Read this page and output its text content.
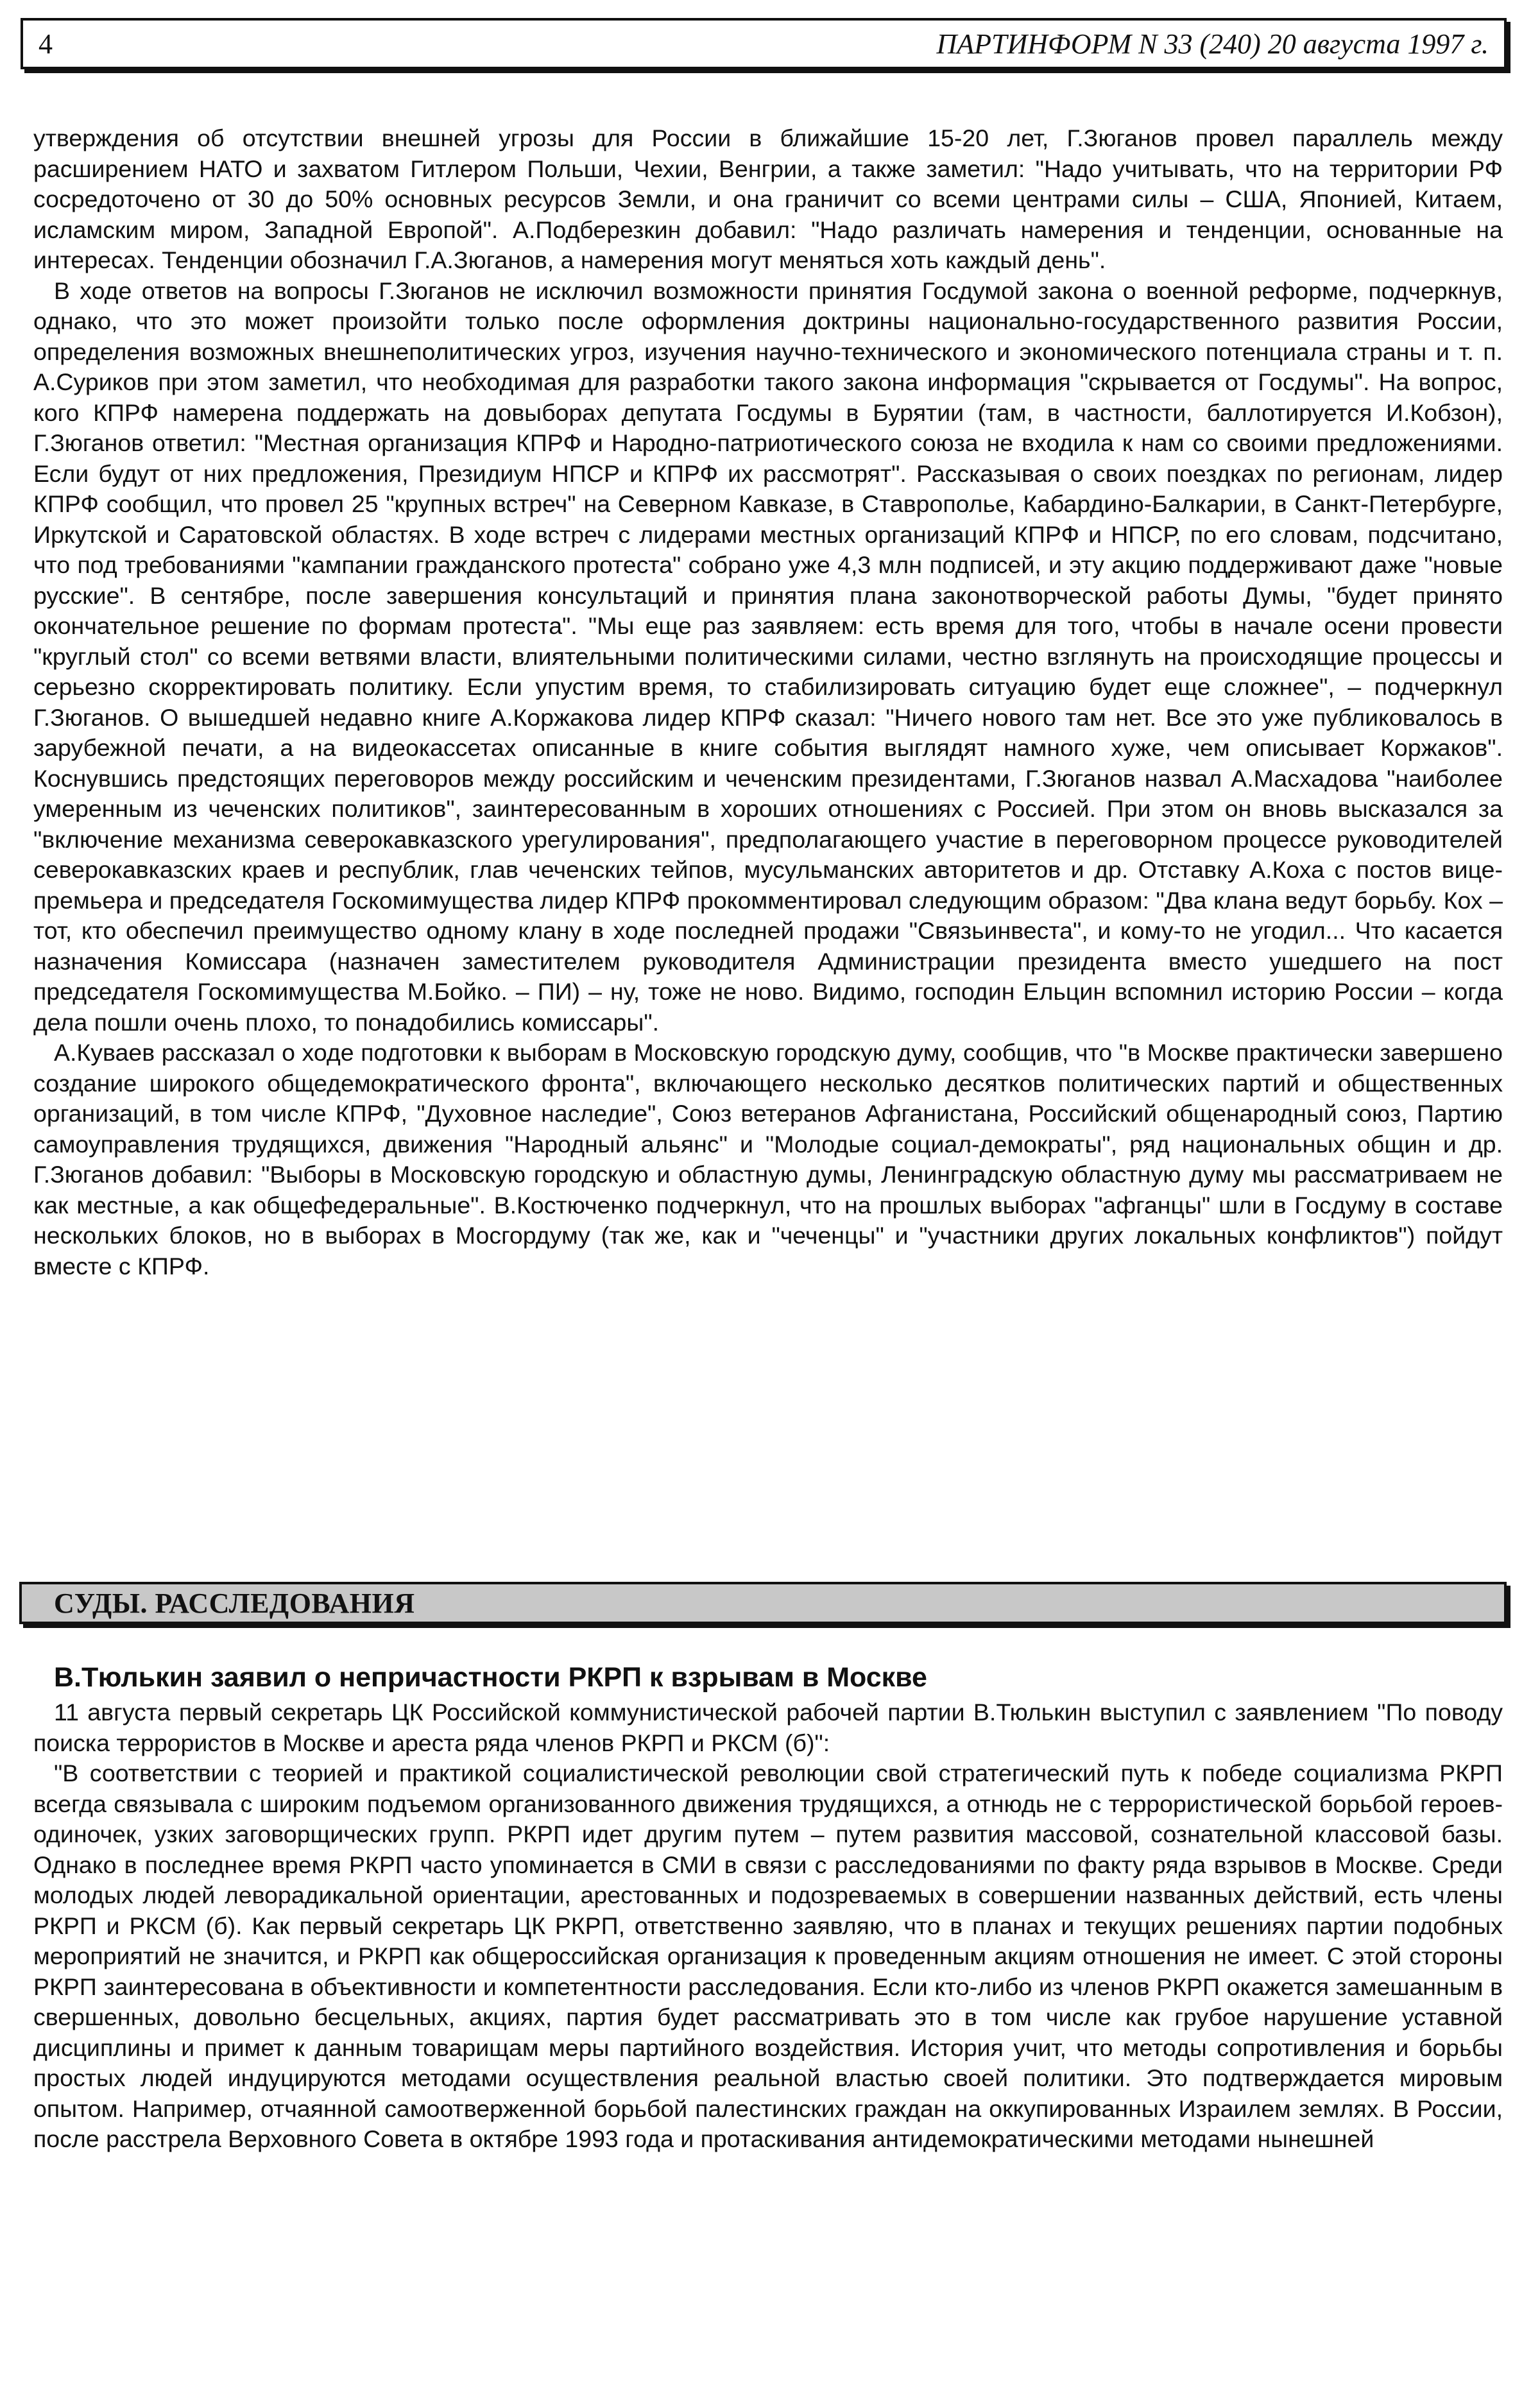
4	ПАРТИНФОРМ N 33 (240) 20 августа 1997 г.

утверждения об отсутствии внешней угрозы для России в ближайшие 15-20 лет, Г.Зюганов провел параллель между расширением НАТО и захватом Гитлером Польши, Чехии, Венгрии, а также заметил: "Надо учитывать, что на территории РФ сосредоточено от 30 до 50% основных ресурсов Земли, и она граничит со всеми центрами силы – США, Японией, Китаем, исламским миром, Западной Европой". А.Подберезкин добавил: "Надо различать намерения и тенденции, основанные на интересах. Тенденции обозначил Г.А.Зюганов, а намерения могут меняться хоть каждый день".

В ходе ответов на вопросы Г.Зюганов не исключил возможности принятия Госдумой закона о военной реформе, подчеркнув, однако, что это может произойти только после оформления доктрины национально-государственного развития России, определения возможных внешнеполитических угроз, изучения научно-технического и экономического потенциала страны и т. п. А.Суриков при этом заметил, что необходимая для разработки такого закона информация "скрывается от Госдумы". На вопрос, кого КПРФ намерена поддержать на довыборах депутата Госдумы в Бурятии (там, в частности, баллотируется И.Кобзон), Г.Зюганов ответил: "Местная организация КПРФ и Народно-патриотического союза не входила к нам со своими предложениями. Если будут от них предложения, Президиум НПСР и КПРФ их рассмотрят". Рассказывая о своих поездках по регионам, лидер КПРФ сообщил, что провел 25 "крупных встреч" на Северном Кавказе, в Ставрополье, Кабардино-Балкарии, в Санкт-Петербурге, Иркутской и Саратовской областях. В ходе встреч с лидерами местных организаций КПРФ и НПСР, по его словам, подсчитано, что под требованиями "кампании гражданского протеста" собрано уже 4,3 млн подписей, и эту акцию поддерживают даже "новые русские". В сентябре, после завершения консультаций и принятия плана законотворческой работы Думы, "будет принято окончательное решение по формам протеста". "Мы еще раз заявляем: есть время для того, чтобы в начале осени провести "круглый стол" со всеми ветвями власти, влиятельными политическими силами, честно взглянуть на происходящие процессы и серьезно скорректировать политику. Если упустим время, то стабилизировать ситуацию будет еще сложнее", – подчеркнул Г.Зюганов. О вышедшей недавно книге А.Коржакова лидер КПРФ сказал: "Ничего нового там нет. Все это уже публиковалось в зарубежной печати, а на видеокассетах описанные в книге события выглядят намного хуже, чем описывает Коржаков". Коснувшись предстоящих переговоров между российским и чеченским президентами, Г.Зюганов назвал А.Масхадова "наиболее умеренным из чеченских политиков", заинтересованным в хороших отношениях с Россией. При этом он вновь высказался за "включение механизма северокавказского урегулирования", предполагающего участие в переговорном процессе руководителей северокавказских краев и республик, глав чеченских тейпов, мусульманских авторитетов и др. Отставку А.Коха с постов вице-премьера и председателя Госкомимущества лидер КПРФ прокомментировал следующим образом: "Два клана ведут борьбу. Кох – тот, кто обеспечил преимущество одному клану в ходе последней продажи "Связьинвеста", и кому-то не угодил... Что касается назначения Комиссара (назначен заместителем руководителя Администрации президента вместо ушедшего на пост председателя Госкомимущества М.Бойко. – ПИ) – ну, тоже не ново. Видимо, господин Ельцин вспомнил историю России – когда дела пошли очень плохо, то понадобились комиссары".

А.Куваев рассказал о ходе подготовки к выборам в Московскую городскую думу, сообщив, что "в Москве практически завершено создание широкого общедемократического фронта", включающего несколько десятков политических партий и общественных организаций, в том числе КПРФ, "Духовное наследие", Союз ветеранов Афганистана, Российский общенародный союз, Партию самоуправления трудящихся, движения "Народный альянс" и "Молодые социал-демократы", ряд национальных общин и др. Г.Зюганов добавил: "Выборы в Московскую городскую и областную думы, Ленинградскую областную думу мы рассматриваем не как местные, а как общефедеральные". В.Костюченко подчеркнул, что на прошлых выборах "афганцы" шли в Госдуму в составе нескольких блоков, но в выборах в Мосгордуму (так же, как и "чеченцы" и "участники других локальных конфликтов") пойдут вместе с КПРФ.

СУДЫ. РАССЛЕДОВАНИЯ
В.Тюлькин заявил о непричастности РКРП к взрывам в Москве

11 августа первый секретарь ЦК Российской коммунистической рабочей партии В.Тюлькин выступил с заявлением "По поводу поиска террористов в Москве и ареста ряда членов РКРП и РКСМ (б)":

"В соответствии с теорией и практикой социалистической революции свой стратегический путь к победе социализма РКРП всегда связывала с широким подъемом организованного движения трудящихся, а отнюдь не с террористической борьбой героев-одиночек, узких заговорщических групп. РКРП идет другим путем – путем развития массовой, сознательной классовой базы. Однако в последнее время РКРП часто упоминается в СМИ в связи с расследованиями по факту ряда взрывов в Москве. Среди молодых людей леворадикальной ориентации, арестованных и подозреваемых в совершении названных действий, есть члены РКРП и РКСМ (б). Как первый секретарь ЦК РКРП, ответственно заявляю, что в планах и текущих решениях партии подобных мероприятий не значится, и РКРП как общероссийская организация к проведенным акциям отношения не имеет. С этой стороны РКРП заинтересована в объективности и компетентности расследования. Если кто-либо из членов РКРП окажется замешанным в свершенных, довольно бесцельных, акциях, партия будет рассматривать это в том числе как грубое нарушение уставной дисциплины и примет к данным товарищам меры партийного воздействия. История учит, что методы сопротивления и борьбы простых людей индуцируются методами осуществления реальной властью своей политики. Это подтверждается мировым опытом. Например, отчаянной самоотверженной борьбой палестинских граждан на оккупированных Израилем землях. В России, после расстрела Верховного Совета в октябре 1993 года и протаскивания антидемократическими методами нынешней
